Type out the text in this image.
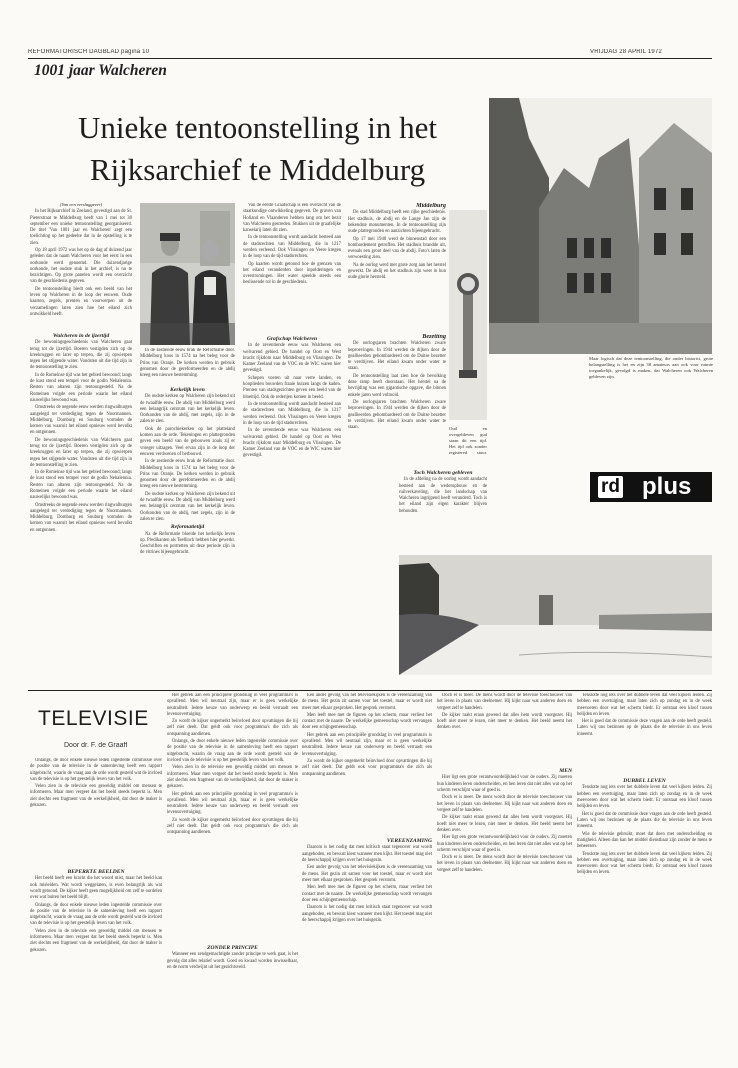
REFORMATORISCH DAGBLAD pagina 10	VRIJDAG 28 APRIL 1972
1001 jaar Walcheren
Unieke tentoonstelling in het
Rijksarchief te Middelburg

(Van een verslaggever)

In het Rijksarchief in Zeeland, gevestigd aan de St. Pieterstraat te Middelburg heeft van 1 mei tot 30 september een unieke tentoonstelling georganiseerd. De titel 'Van 1001 jaar en Walcheren' zegt een toelichting op het gedeelte dat in de opstelling is te zien.

Op 18 april 1972 was het op de dag af duizend jaar geleden dat de naam Walcheren voor het eerst in een oorkonde werd genoemd. Die duizendjarige oorkonde, het oudste stuk in het archief, is nu te bezichtigen. Op grote panelen wordt een overzicht van de geschiedenis gegeven.

De tentoonstelling biedt ook een beeld van het leven op Walcheren in de loop der eeuwen. Oude kaarten, zegels, prenten en voorwerpen uit de verzamelingen laten zien hoe het eiland zich ontwikkeld heeft.

Walcheren in de ijzertijd

De bewoningsgeschiedenis van Walcheren gaat terug tot de ijzertijd. Boeren vestigden zich op de kreekruggen en later op terpen, die zij opwierpen tegen het stijgende water. Vondsten uit die tijd zijn in de tentoonstelling te zien.

In de Romeinse tijd was het gebied bewoond; langs de kust stond een tempel voor de godin Nehalennia. Resten van altaren zijn tentoongesteld. Na de Romeinen volgde een periode waarin het eiland nauwelijks bewoond was.

Omstreeks de negende eeuw werden ringwalburgen aangelegd ter verdediging tegen de Noormannen. Middelburg, Domburg en Souburg vormden de kernen van waaruit het eiland opnieuw werd bevolkt en ontgonnen.

De bewoningsgeschiedenis van Walcheren gaat terug tot de ijzertijd. Boeren vestigden zich op de kreekruggen en later op terpen, die zij opwierpen tegen het stijgende water. Vondsten uit die tijd zijn in de tentoonstelling te zien.

In de Romeinse tijd was het gebied bewoond; langs de kust stond een tempel voor de godin Nehalennia. Resten van altaren zijn tentoongesteld. Na de Romeinen volgde een periode waarin het eiland nauwelijks bewoond was.

Omstreeks de negende eeuw werden ringwalburgen aangelegd ter verdediging tegen de Noormannen. Middelburg, Domburg en Souburg vormden de kernen van waaruit het eiland opnieuw werd bevolkt en ontgonnen.

In de zestiende eeuw brak de Reformatie door. Middelburg koos in 1574 na het beleg voor de Prins van Oranje. De kerken werden in gebruik genomen door de gereformeerden en de abdij kreeg een nieuwe bestemming.

Kerkelijk leven

De oudste kerken op Walcheren zijn bekend uit de twaalfde eeuw. De abdij van Middelburg werd een belangrijk centrum van het kerkelijk leven. Oorkonden van de abdij, met zegels, zijn in de zalen te zien.

Ook de parochiekerken op het platteland komen aan de orde. Tekeningen en plattegronden geven een beeld van de gebouwen zoals zij er vroeger uitzagen. Veel ervan zijn in de loop der eeuwen verdwenen of herbouwd.

In de zestiende eeuw brak de Reformatie door. Middelburg koos in 1574 na het beleg voor de Prins van Oranje. De kerken werden in gebruik genomen door de gereformeerden en de abdij kreeg een nieuwe bestemming.

De oudste kerken op Walcheren zijn bekend uit de twaalfde eeuw. De abdij van Middelburg werd een belangrijk centrum van het kerkelijk leven. Oorkonden van de abdij, met zegels, zijn in de zalen te zien.

Reformatietijd

Na de Reformatie bloeide het kerkelijk leven op. Predikanten als Teellinck hebben hier gewerkt. Geschriften en portretten uit deze periode zijn in de vitrines bijeengebracht.

Van de eerste Graafschap is een overzicht van de staatkundige ontwikkeling gegeven. De graven van Holland en Vlaanderen hebben lang om het bezit van Walcheren gestreden. Stukken uit de graafelijke kanselarij laten dit zien.

In de tentoonstelling wordt aandacht besteed aan de stadsrechten van Middelburg, die in 1217 werden verleend. Ook Vlissingen en Veere kregen in de loop van de tijd stadsrechten.

Op kaarten wordt getoond hoe de grenzen van het eiland veranderden door inpolderingen en overstromingen. Het water speelde steeds een beslissende rol in de geschiedenis.

Grafschap Walcheren

In de zeventiende eeuw was Walcheren een welvarend gebied. De handel op Oost en West bracht rijkdom naar Middelburg en Vlissingen. De Kamer Zeeland van de VOC en de WIC waren hier gevestigd.

Schepen voeren uit naar verre landen, en kooplieden bouwden fraaie huizen langs de kaden. Prenten van stadsgezichten geven een beeld van de bloeitijd. Ook de rederijen komen in beeld.

In de tentoonstelling wordt aandacht besteed aan de stadsrechten van Middelburg, die in 1217 werden verleend. Ook Vlissingen en Veere kregen in de loop van de tijd stadsrechten.

In de zeventiende eeuw was Walcheren een welvarend gebied. De handel op Oost en West bracht rijkdom naar Middelburg en Vlissingen. De Kamer Zeeland van de VOC en de WIC waren hier gevestigd.

Middelburg

De stad Middelburg heeft een rijke geschiedenis. Het stadhuis, de abdij en de Lange Jan zijn de bekendste monumenten. In de tentoonstelling zijn oude plattegronden en aanzichten bijeengebracht.

Op 17 mei 1940 werd de binnenstad door een bombardement getroffen. Het stadhuis brandde uit, evenals een groot deel van de abdij. Foto's laten de verwoesting zien.

Na de oorlog werd met grote zorg aan het herstel gewerkt. De abdij en het stadhuis zijn weer in hun oude glorie hersteld.

Bezetting

De oorlogsjaren brachten Walcheren zware beproevingen. In 1944 werden de dijken door de geallieerden gebombardeerd om de Duitse bezetter te verdrijven. Het eiland kwam onder water te staan.

De tentoonstelling laat zien hoe de bevolking deze ramp heeft doorstaan. Het herstel na de bevrijding was een gigantische opgave, die binnen enkele jaren werd voltooid.

De oorlogsjaren brachten Walcheren zware beproevingen. In 1944 werden de dijken door de geallieerden gebombardeerd om de Duitse bezetter te verdrijven. Het eiland kwam onder water te staan.	Oud en overgebleven gud staan dit een tijd. Het tijd ook zonder registered stuur.

Toch Walcheren gebleven

In de afdeling na de oorlog wordt aandacht besteed aan de wederopbouw en de ruilverkaveling, die het landschap van Walcheren ingrijpend heeft veranderd. Toch is het eiland zijn eigen karakter blijven behouden.

Maar logisch dat deze tentoonstelling, die onder historici, grote belangstelling is het en zijn 38 amateurs aan ook voor ruimte toegankelijk, gevolgd is maken, dat Walcheren ook Walcheren gebleven zijn.
rd plus
TELEVISIE
Door dr. F. de Graaff

Onlangs, de door enkele nieuwe leden ingestelde commissie over de positie van de televisie in de samenleving heeft een rapport uitgebracht, waarin de vraag aan de orde wordt gesteld wat de invloed van de televisie is op het geestelijk leven van het volk.

Velen zien in de televisie een geweldig middel om mensen te informeren. Maar men vergeet dat het beeld steeds beperkt is. Men ziet slechts een fragment van de werkelijkheid, dat door de maker is gekozen.

BEPERKTE BEELDEN

Het beeld heeft een kracht die het woord mist, maar het beeld kan ook misleiden. Wat wordt weggelaten, is even belangrijk als wat wordt getoond. De kijker heeft geen mogelijkheid om zelf te oordelen over wat buiten het beeld blijft.

Onlangs, de door enkele nieuwe leden ingestelde commissie over de positie van de televisie in de samenleving heeft een rapport uitgebracht, waarin de vraag aan de orde wordt gesteld wat de invloed van de televisie is op het geestelijk leven van het volk.

Velen zien in de televisie een geweldig middel om mensen te informeren. Maar men vergeet dat het beeld steeds beperkt is. Men ziet slechts een fragment van de werkelijkheid, dat door de maker is gekozen.

Het gebrek aan een principiële grondslag in veel programma's is opvallend. Men wil neutraal zijn, maar er is geen werkelijke neutraliteit. Iedere keuze van onderwerp en beeld verraadt een levensovertuiging.

Zo wordt de kijker ongemerkt beïnvloed door opvattingen die hij zelf niet deelt. Dat geldt ook voor programma's die zich als ontspanning aandienen.

Onlangs, de door enkele nieuwe leden ingestelde commissie over de positie van de televisie in de samenleving heeft een rapport uitgebracht, waarin de vraag aan de orde wordt gesteld wat de invloed van de televisie is op het geestelijk leven van het volk.

Velen zien in de televisie een geweldig middel om mensen te informeren. Maar men vergeet dat het beeld steeds beperkt is. Men ziet slechts een fragment van de werkelijkheid, dat door de maker is gekozen.

Het gebrek aan een principiële grondslag in veel programma's is opvallend. Men wil neutraal zijn, maar er is geen werkelijke neutraliteit. Iedere keuze van onderwerp en beeld verraadt een levensovertuiging.

Zo wordt de kijker ongemerkt beïnvloed door opvattingen die hij zelf niet deelt. Dat geldt ook voor programma's die zich als ontspanning aandienen.

ZONDER PRINCIPE

Wanneer een zendgemachtigde zonder principe te werk gaat, is het gevolg dat alles relatief wordt. Goed en kwaad worden inwisselbaar, en de norm verdwijnt uit het gezichtsveld.

Een ander gevolg van het televisiekijken is de vereenzaming van de mens. Het gezin zit samen voor het toestel, maar er wordt niet meer met elkaar gesproken. Het gesprek verstomt.

Men leeft mee met de figuren op het scherm, maar verliest het contact met de naaste. De werkelijke gemeenschap wordt vervangen door een schijngemeenschap.

Het gebrek aan een principiële grondslag in veel programma's is opvallend. Men wil neutraal zijn, maar er is geen werkelijke neutraliteit. Iedere keuze van onderwerp en beeld verraadt een levensovertuiging.

Zo wordt de kijker ongemerkt beïnvloed door opvattingen die hij zelf niet deelt. Dat geldt ook voor programma's die zich als ontspanning aandienen.

VEREENZAMING

Daarom is het nodig dat men kritisch staat tegenover wat wordt aangeboden, en bewust kiest wanneer men kijkt. Het toestel mag niet de heerschappij krijgen over het huisgezin.

Een ander gevolg van het televisiekijken is de vereenzaming van de mens. Het gezin zit samen voor het toestel, maar er wordt niet meer met elkaar gesproken. Het gesprek verstomt.

Men leeft mee met de figuren op het scherm, maar verliest het contact met de naaste. De werkelijke gemeenschap wordt vervangen door een schijngemeenschap.

Daarom is het nodig dat men kritisch staat tegenover wat wordt aangeboden, en bewust kiest wanneer men kijkt. Het toestel mag niet de heerschappij krijgen over het huisgezin.

Doch er is meer. De mens wordt door de televisie toeschouwer van het leven in plaats van deelnemer. Hij kijkt naar wat anderen doen en vergeet zelf te handelen.

De kijker raakt eraan gewend dat alles hem wordt voorgezet. Hij hoeft niet meer te lezen, niet meer te denken. Het beeld neemt het denken over.

MEN

Hier ligt een grote verantwoordelijkheid voor de ouders. Zij moeten hun kinderen leren onderscheiden, en hen leren dat niet alles wat op het scherm verschijnt waar of goed is.

Doch er is meer. De mens wordt door de televisie toeschouwer van het leven in plaats van deelnemer. Hij kijkt naar wat anderen doen en vergeet zelf te handelen.

De kijker raakt eraan gewend dat alles hem wordt voorgezet. Hij hoeft niet meer te lezen, niet meer te denken. Het beeld neemt het denken over.

Hier ligt een grote verantwoordelijkheid voor de ouders. Zij moeten hun kinderen leren onderscheiden, en hen leren dat niet alles wat op het scherm verschijnt waar of goed is.

Doch er is meer. De mens wordt door de televisie toeschouwer van het leven in plaats van deelnemer. Hij kijkt naar wat anderen doen en vergeet zelf te handelen.

Tenslotte nog iets over het dubbele leven dat veel kijkers leiden. Zij hebben een overtuiging, maar laten zich op zondag en in de week meevoeren door wat het scherm biedt. Er ontstaat een kloof tussen belijden en leven.

Het is goed dat de commissie deze vragen aan de orde heeft gesteld. Laten wij ons bezinnen op de plaats die de televisie in ons leven inneemt.

DUBBEL LEVEN

Tenslotte nog iets over het dubbele leven dat veel kijkers leiden. Zij hebben een overtuiging, maar laten zich op zondag en in de week meevoeren door wat het scherm biedt. Er ontstaat een kloof tussen belijden en leven.

Het is goed dat de commissie deze vragen aan de orde heeft gesteld. Laten wij ons bezinnen op de plaats die de televisie in ons leven inneemt.

Wie de televisie gebruikt, moet dat doen met onderscheiding en matigheid. Alleen dan kan het middel dienstbaar zijn zonder de mens te beheersen.

Tenslotte nog iets over het dubbele leven dat veel kijkers leiden. Zij hebben een overtuiging, maar laten zich op zondag en in de week meevoeren door wat het scherm biedt. Er ontstaat een kloof tussen belijden en leven.
